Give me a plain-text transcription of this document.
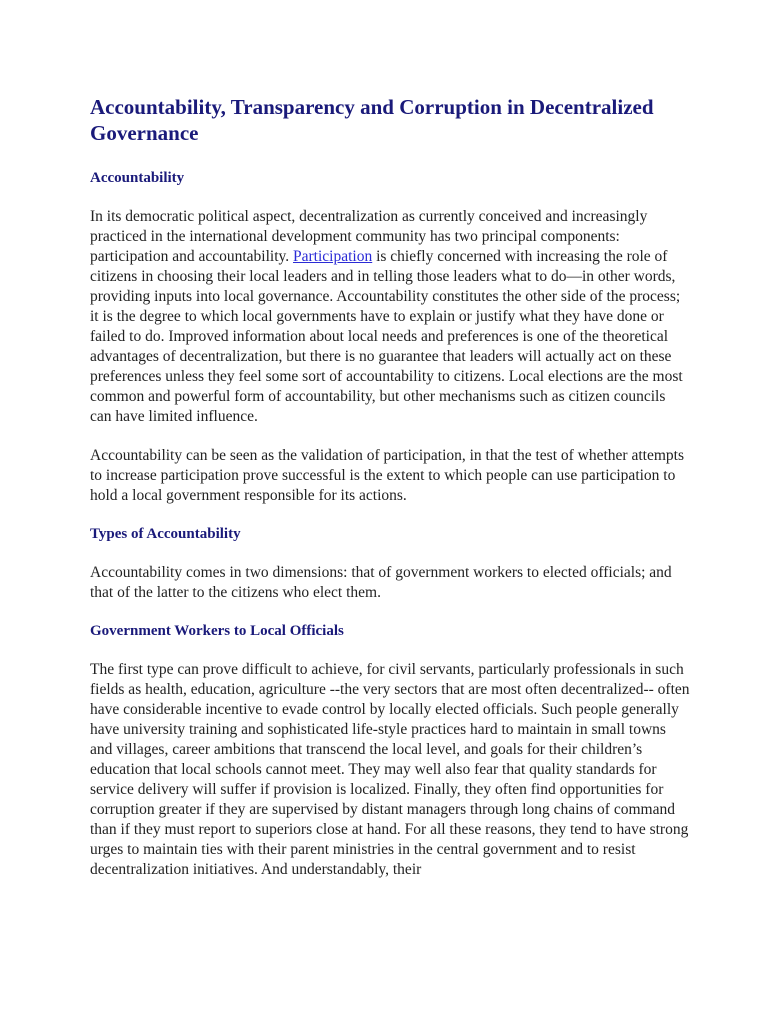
Accountability, Transparency and Corruption in Decentralized Governance
Accountability

In its democratic political aspect, decentralization as currently conceived and increasingly practiced in the international development community has two principal components: participation and accountability. Participation is chiefly concerned with increasing the role of citizens in choosing their local leaders and in telling those leaders what to do—in other words, providing inputs into local governance. Accountability constitutes the other side of the process; it is the degree to which local governments have to explain or justify what they have done or failed to do. Improved information about local needs and preferences is one of the theoretical advantages of decentralization, but there is no guarantee that leaders will actually act on these preferences unless they feel some sort of accountability to citizens. Local elections are the most common and powerful form of accountability, but other mechanisms such as citizen councils can have limited influence.

Accountability can be seen as the validation of participation, in that the test of whether attempts to increase participation prove successful is the extent to which people can use participation to hold a local government responsible for its actions.

Types of Accountability

Accountability comes in two dimensions: that of government workers to elected officials; and that of the latter to the citizens who elect them.

Government Workers to Local Officials

The first type can prove difficult to achieve, for civil servants, particularly professionals in such fields as health, education, agriculture --the very sectors that are most often decentralized-- often have considerable incentive to evade control by locally elected officials. Such people generally have university training and sophisticated life-style practices hard to maintain in small towns and villages, career ambitions that transcend the local level, and goals for their children’s education that local schools cannot meet. They may well also fear that quality standards for service delivery will suffer if provision is localized. Finally, they often find opportunities for corruption greater if they are supervised by distant managers through long chains of command than if they must report to superiors close at hand. For all these reasons, they tend to have strong urges to maintain ties with their parent ministries in the central government and to resist decentralization initiatives. And understandably, their
